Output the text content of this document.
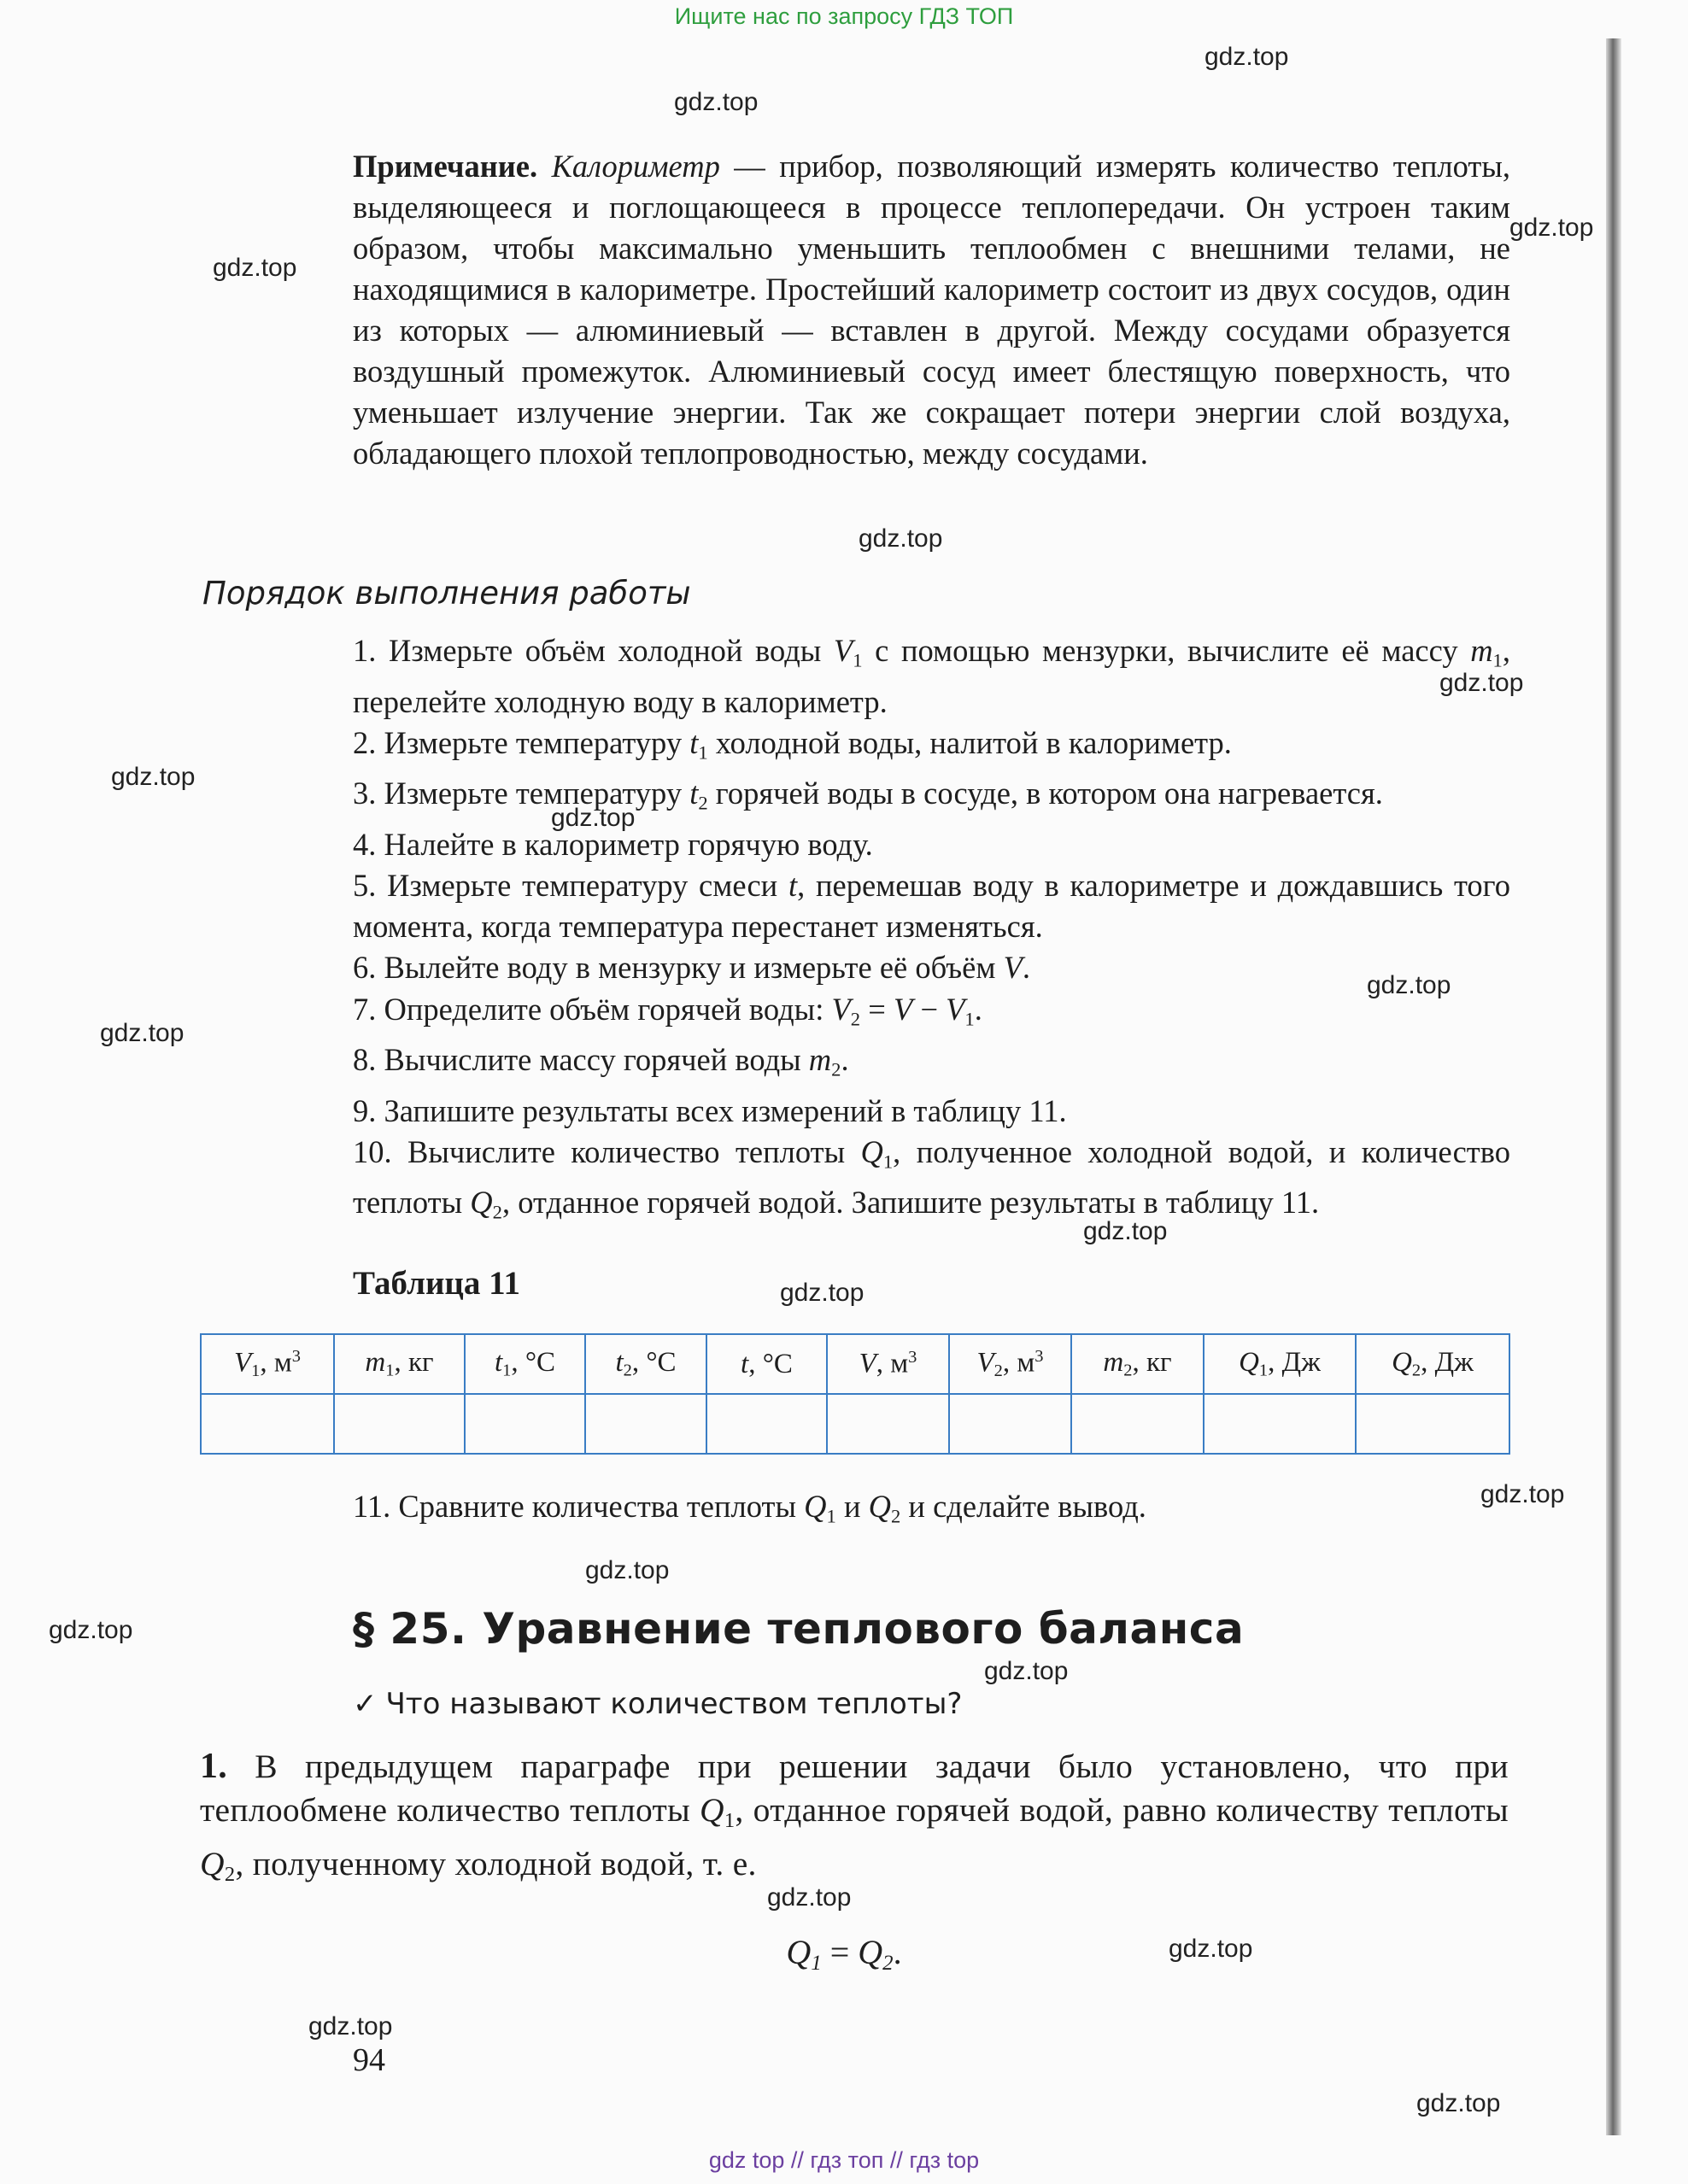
Ищите нас по запросу ГДЗ ТОП
gdz.top
gdz.top
gdz.top
gdz.top
gdz.top
gdz.top
gdz.top
gdz.top
gdz.top
gdz.top
gdz.top
gdz.top
gdz.top
gdz.top
gdz.top
gdz.top
gdz.top
gdz.top
gdz.top
gdz.top
Примечание. Калориметр — прибор, позволяющий измерять количество теплоты, выделяющееся и поглощающееся в процессе теплопередачи. Он устроен таким образом, чтобы максимально уменьшить теплообмен с внешними телами, не находящимися в калориметре. Простейший калориметр состоит из двух сосудов, один из которых — алюминиевый — вставлен в другой. Между сосудами образуется воздушный промежуток. Алюминиевый сосуд имеет блестящую поверхность, что уменьшает излучение энергии. Так же сокращает потери энергии слой воздуха, обладающего плохой теплопроводностью, между сосудами.
Порядок выполнения работы
1. Измерьте объём холодной воды $V_1$ с помощью мензурки, вычислите её массу $m_1$, перелейте холодную воду в калориметр.
2. Измерьте температуру $t_1$ холодной воды, налитой в калориметр.
3. Измерьте температуру $t_2$ горячей воды в сосуде, в котором она нагревается.
4. Налейте в калориметр горячую воду.
5. Измерьте температуру смеси t, перемешав воду в калориметре и дождавшись того момента, когда температура перестанет изменяться.
6. Вылейте воду в мензурку и измерьте её объём V.
7. Определите объём горячей воды: $V_2 = V - V_1$.
8. Вычислите массу горячей воды $m_2$.
9. Запишите результаты всех измерений в таблицу 11.
10. Вычислите количество теплоты $Q_1$, полученное холодной водой, и количество теплоты $Q_2$, отданное горячей водой. Запишите результаты в таблицу 11.
Таблица 11
$V_1$, $м^3$	$m_1$, кг	$t_1$, °С	$t_2$, °С	t, °С	V, $м^3$	$V_2$, $м^3$	$m_2$, кг	$Q_1$, Дж	$Q_2$, Дж

11. Сравните количества теплоты $Q_1$ и $Q_2$ и сделайте вывод.
§ 25. Уравнение теплового баланса
✓ Что называют количеством теплоты?
1. В предыдущем параграфе при решении задачи было установлено, что при теплообмене количество теплоты $Q_1$, отданное горячей водой, равно количеству теплоты $Q_2$, полученному холодной водой, т. е.
$Q_1 = Q_2$.
94
gdz top // гдз топ // гдз top
